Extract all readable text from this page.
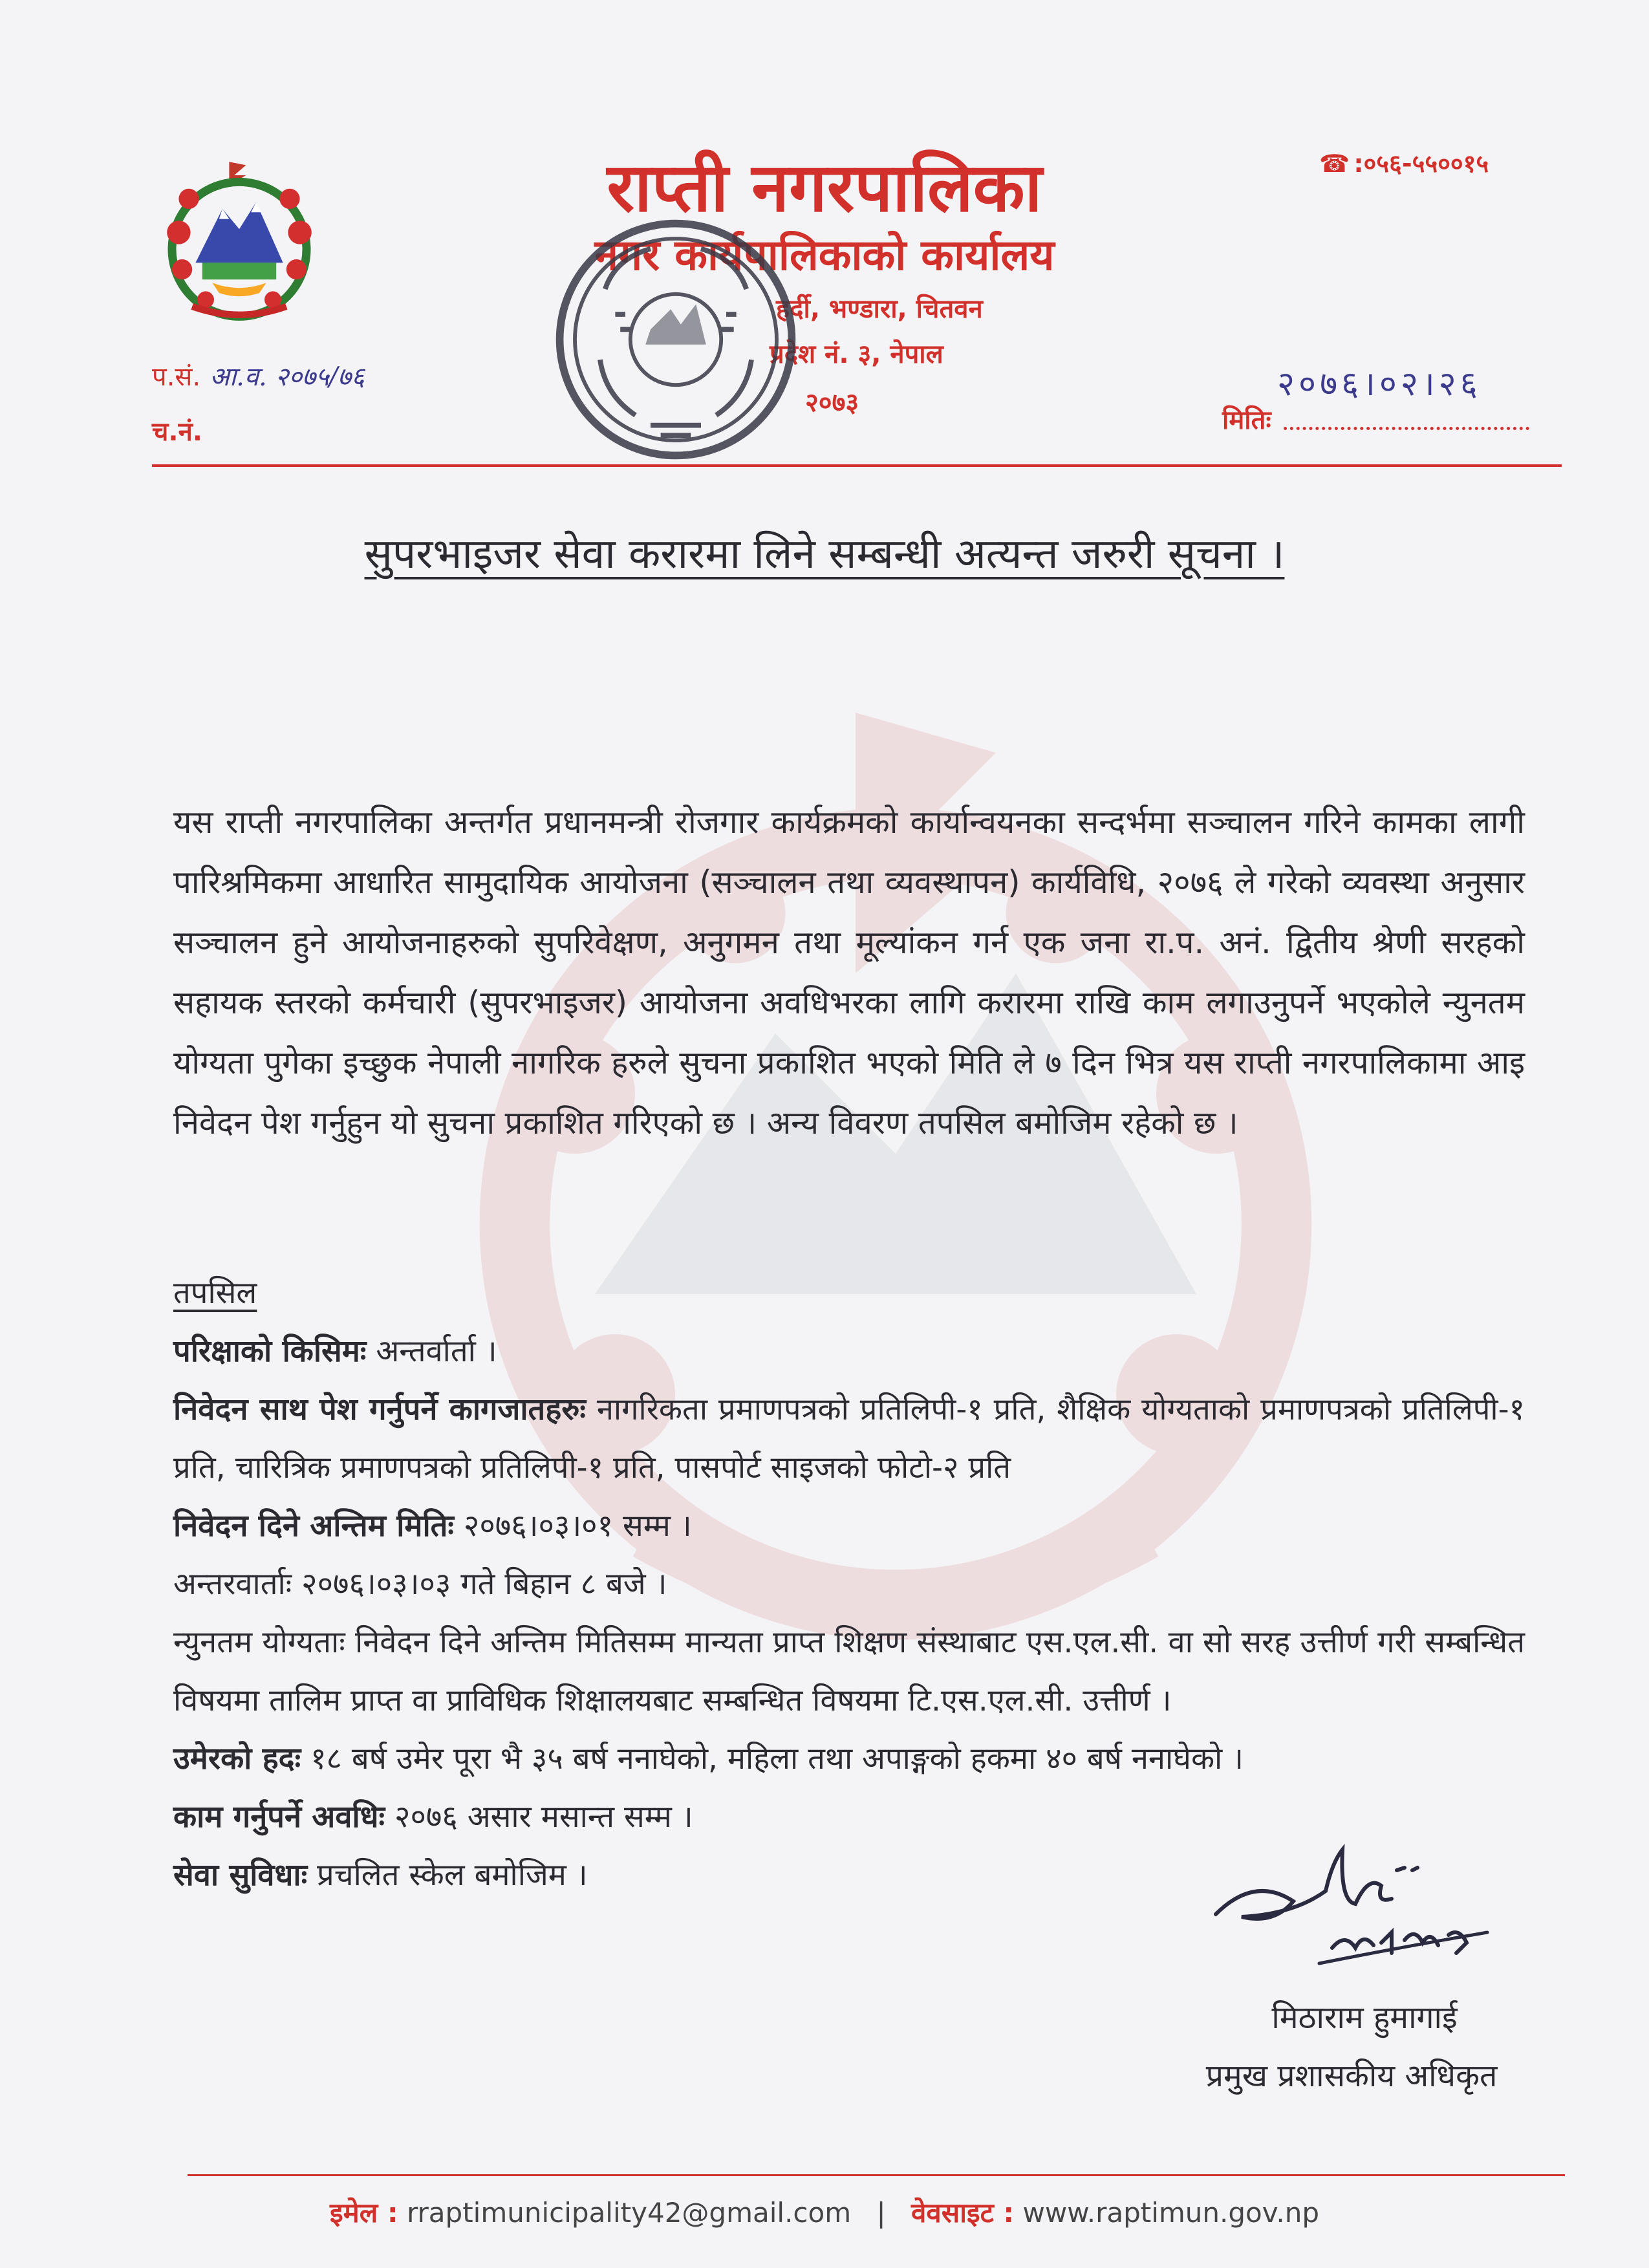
राप्ती नगरपालिका
नगर कार्यपालिकाको कार्यालय
हर्दी, भण्डारा, चितवन
प्रदेश नं. ३, नेपाल
२०७३
☎ :०५६-५५००१५
प.सं. आ.व. २०७५/७६
च.नं.
२०७६।०२।२६
मितिः
सुपरभाइजर सेवा करारमा लिने सम्बन्धी अत्यन्त जरुरी सूचना ।
यस राप्ती नगरपालिका अन्तर्गत प्रधानमन्त्री रोजगार कार्यक्रमको कार्यान्वयनका सन्दर्भमा सञ्चालन गरिने कामका लागी पारिश्रमिकमा आधारित सामुदायिक आयोजना (सञ्चालन तथा व्यवस्थापन) कार्यविधि, २०७६ ले गरेको व्यवस्था अनुसार सञ्चालन हुने आयोजनाहरुको सुपरिवेक्षण, अनुगमन तथा मूल्यांकन गर्न एक जना रा.प. अनं. द्वितीय श्रेणी सरहको सहायक स्तरको कर्मचारी (सुपरभाइजर) आयोजना अवधिभरका लागि करारमा राखि काम लगाउनुपर्ने भएकोले न्युनतम योग्यता पुगेका इच्छुक नेपाली नागरिक हरुले सुचना प्रकाशित भएको मिति ले ७ दिन भित्र यस राप्ती नगरपालिकामा आइ निवेदन पेश गर्नुहुन यो सुचना प्रकाशित गरिएको छ । अन्य विवरण तपसिल बमोजिम रहेको छ ।
तपसिल
परिक्षाको किसिमः अन्तर्वार्ता ।
निवेदन साथ पेश गर्नुपर्ने कागजातहरुः नागरिकता प्रमाणपत्रको प्रतिलिपी-१ प्रति, शैक्षिक योग्यताको प्रमाणपत्रको प्रतिलिपी-१ प्रति, चारित्रिक प्रमाणपत्रको प्रतिलिपी-१ प्रति, पासपोर्ट साइजको फोटो-२ प्रति
निवेदन दिने अन्तिम मितिः २०७६।०३।०१ सम्म ।
अन्तरवार्ताः २०७६।०३।०३ गते बिहान ८ बजे ।
न्युनतम योग्यताः निवेदन दिने अन्तिम मितिसम्म मान्यता प्राप्त शिक्षण संस्थाबाट एस.एल.सी. वा सो सरह उत्तीर्ण गरी सम्बन्धित विषयमा तालिम प्राप्त वा प्राविधिक शिक्षालयबाट सम्बन्धित विषयमा टि.एस.एल.सी. उत्तीर्ण ।
उमेरको हदः १८ बर्ष उमेर पूरा भै ३५ बर्ष ननाघेको, महिला तथा अपाङ्गको हकमा ४० बर्ष ननाघेको ।
काम गर्नुपर्ने अवधिः २०७६ असार मसान्त सम्म ।
सेवा सुविधाः प्रचलित स्केल बमोजिम ।
मिठाराम हुमागाई
प्रमुख प्रशासकीय अधिकृत
इमेल : rraptimunicipality42@gmail.com | वेवसाइट : www.raptimun.gov.np
